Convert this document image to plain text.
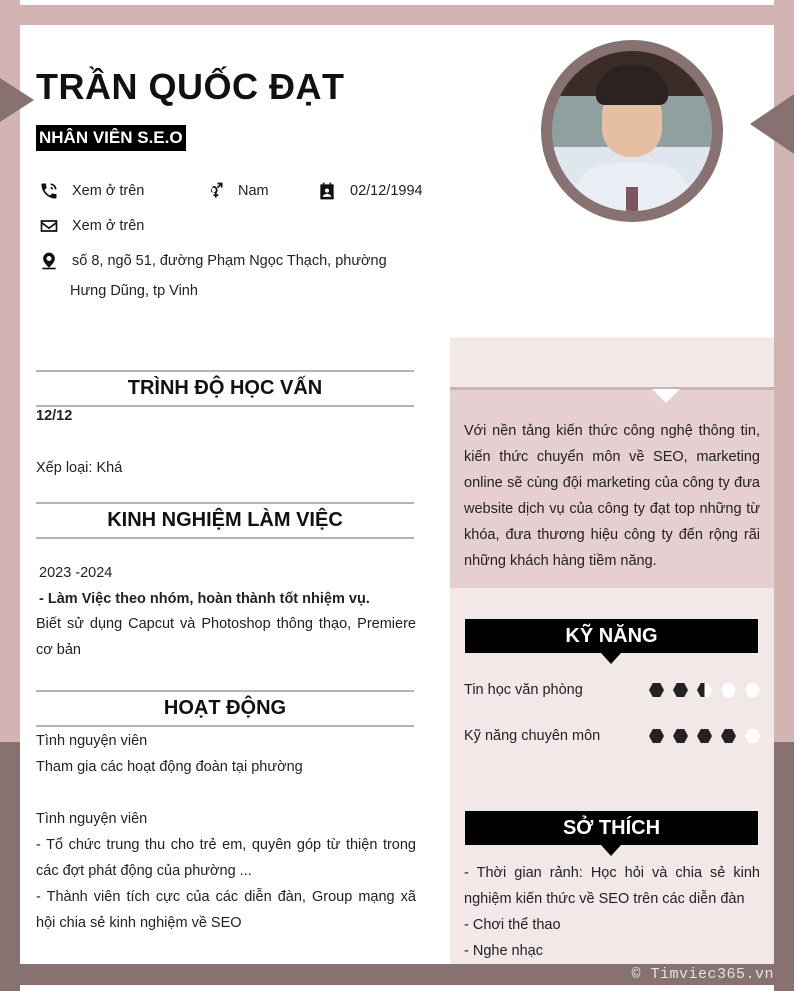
TRẦN QUỐC ĐẠT
NHÂN VIÊN S.E.O
Xem ở trên	Nam	02/12/1994
Xem ở trên
số 8, ngõ 51, đường Phạm Ngọc Thạch, phường
Hưng Dũng, tp Vinh
TRÌNH ĐỘ HỌC VẤN
12/12
Xếp loại: Khá
KINH NGHIỆM LÀM VIỆC
2023 -2024
- Làm Việc theo nhóm, hoàn thành tốt nhiệm vụ.
Biết sử dụng Capcut và Photoshop thông thạo, Premiere cơ bản
HOẠT ĐỘNG
Tình nguyện viên
Tham gia các hoạt động đoàn tại phường
Tình nguyện viên
- Tổ chức trung thu cho trẻ em, quyên góp từ thiện trong các đợt phát động của phường ...
- Thành viên tích cực của các diễn đàn, Group mạng xã hội chia sẻ kinh nghiệm về SEO
Với nền tảng kiến thức công nghệ thông tin, kiến thức chuyển môn về SEO, marketing online sẽ cùng đội marketing của công ty đưa website dịch vụ của công ty đạt top những từ khóa, đưa thương hiệu công ty đến rộng rãi những khách hàng tiềm năng.
KỸ NĂNG
Tin học văn phòng
Kỹ năng chuyên môn
SỞ THÍCH
- Thời gian rảnh: Học hỏi và chia sẻ kinh nghiệm kiến thức về SEO trên các diễn đàn
- Chơi thể thao
- Nghe nhạc
© Timviec365.vn
